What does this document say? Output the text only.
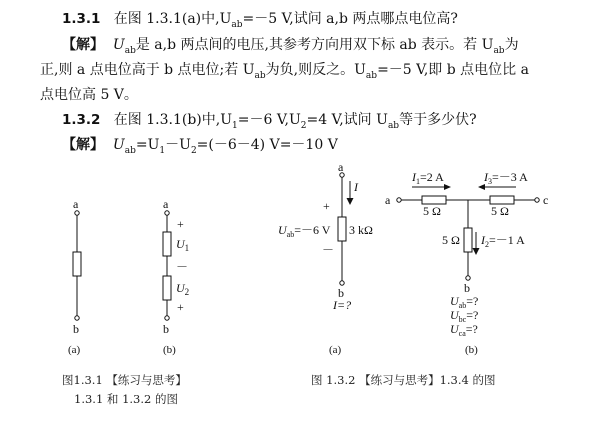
1.3.1 在图 1.3.1(a)中$,U_{ab}=-5$ V,试问 a,b 两点哪点电位高?
【解】 $U_{ab}$是 a,b 两点间的电压,其参考方向用双下标 ab 表示。若 $U_{ab}$为
正,则 a 点电位高于 b 点电位;若 $U_{ab}$为负,则反之。$U_{ab}=-5$ V,即 b 点电位比 a
点电位高 5 V。
1.3.2 在图 1.3.1(b)中$,U_1=-6$ $V,U_2=4$ V,试问 $U_{ab}$等于多少伏?
【解】 $U_{ab}=U_1-U_2=(-6-4)$ V=－10 V
a
b
(a)
a
b
(b)
+
－
+
$U_1$
$U_2$
a
b
(a)
+
－
I
$U_{ab}=-6$ V 3 kΩ
I=?
a	c
b
(b)
$I_1=2$ A	$I_3=-3$ A
5 Ω	5 Ω
5 Ω $I_2=-1$ A
$U_{ab}=$?
$U_{bc}=$?
$U_{ca}=$?
图1.3.1 【练习与思考】
1.3.1 和 1.3.2 的图
图 1.3.2 【练习与思考】1.3.4 的图
